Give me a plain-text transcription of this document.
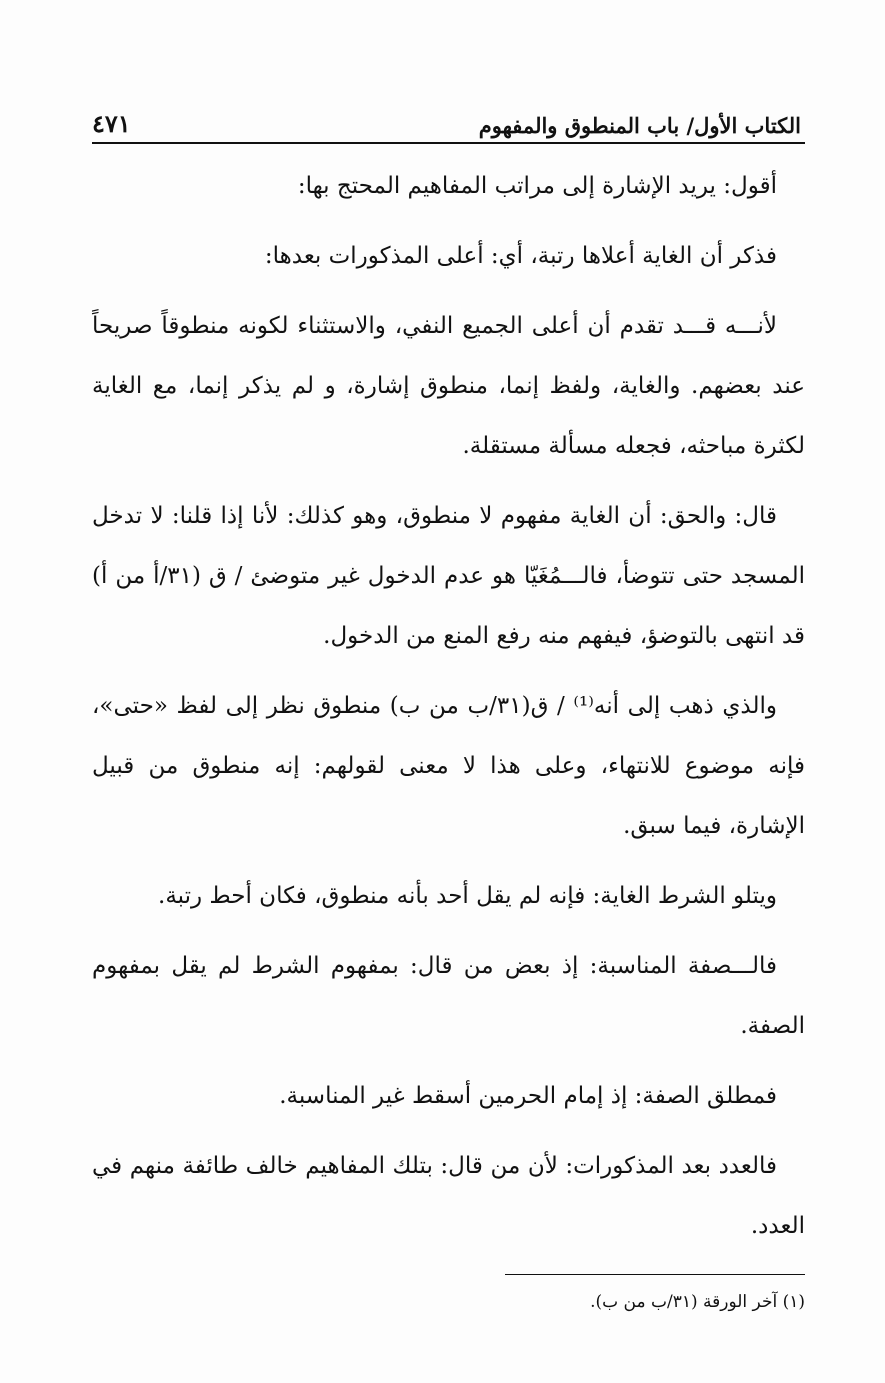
الكتاب الأول/ باب المنطوق والمفهوم
٤٧١

أقول: يريد الإشارة إلى مراتب المفاهيم المحتج بها:

فذكر أن الغاية أعلاها رتبة، أي: أعلى المذكورات بعدها:

لأنـــه قـــد تقدم أن أعلى الجميع النفي، والاستثناء لكونه منطوقاً صريحاً عند بعضهم. والغاية، ولفظ إنما، منطوق إشارة، و لم يذكر إنما، مع الغاية لكثرة مباحثه، فجعله مسألة مستقلة.

قال: والحق: أن الغاية مفهوم لا منطوق، وهو كذلك: لأنا إذا قلنا: لا تدخل المسجد حتى تتوضأ، فالـــمُغَيّا هو عدم الدخول غير متوضئ / ق (٣١/أ من أ) قد انتهى بالتوضؤ، فيفهم منه رفع المنع من الدخول.

والذي ذهب إلى أنه⁽¹⁾ / ق(٣١/ب من ب) منطوق نظر إلى لفظ «حتى»، فإنه موضوع للانتهاء، وعلى هذا لا معنى لقولهم: إنه منطوق من قبيل الإشارة، فيما سبق.

ويتلو الشرط الغاية: فإنه لم يقل أحد بأنه منطوق، فكان أحط رتبة.

فالـــصفة المناسبة: إذ بعض من قال: بمفهوم الشرط لم يقل بمفهوم الصفة.

فمطلق الصفة: إذ إمام الحرمين أسقط غير المناسبة.

فالعدد بعد المذكورات: لأن من قال: بتلك المفاهيم خالف طائفة منهم في العدد.

(١) آخر الورقة (٣١/ب من ب).
